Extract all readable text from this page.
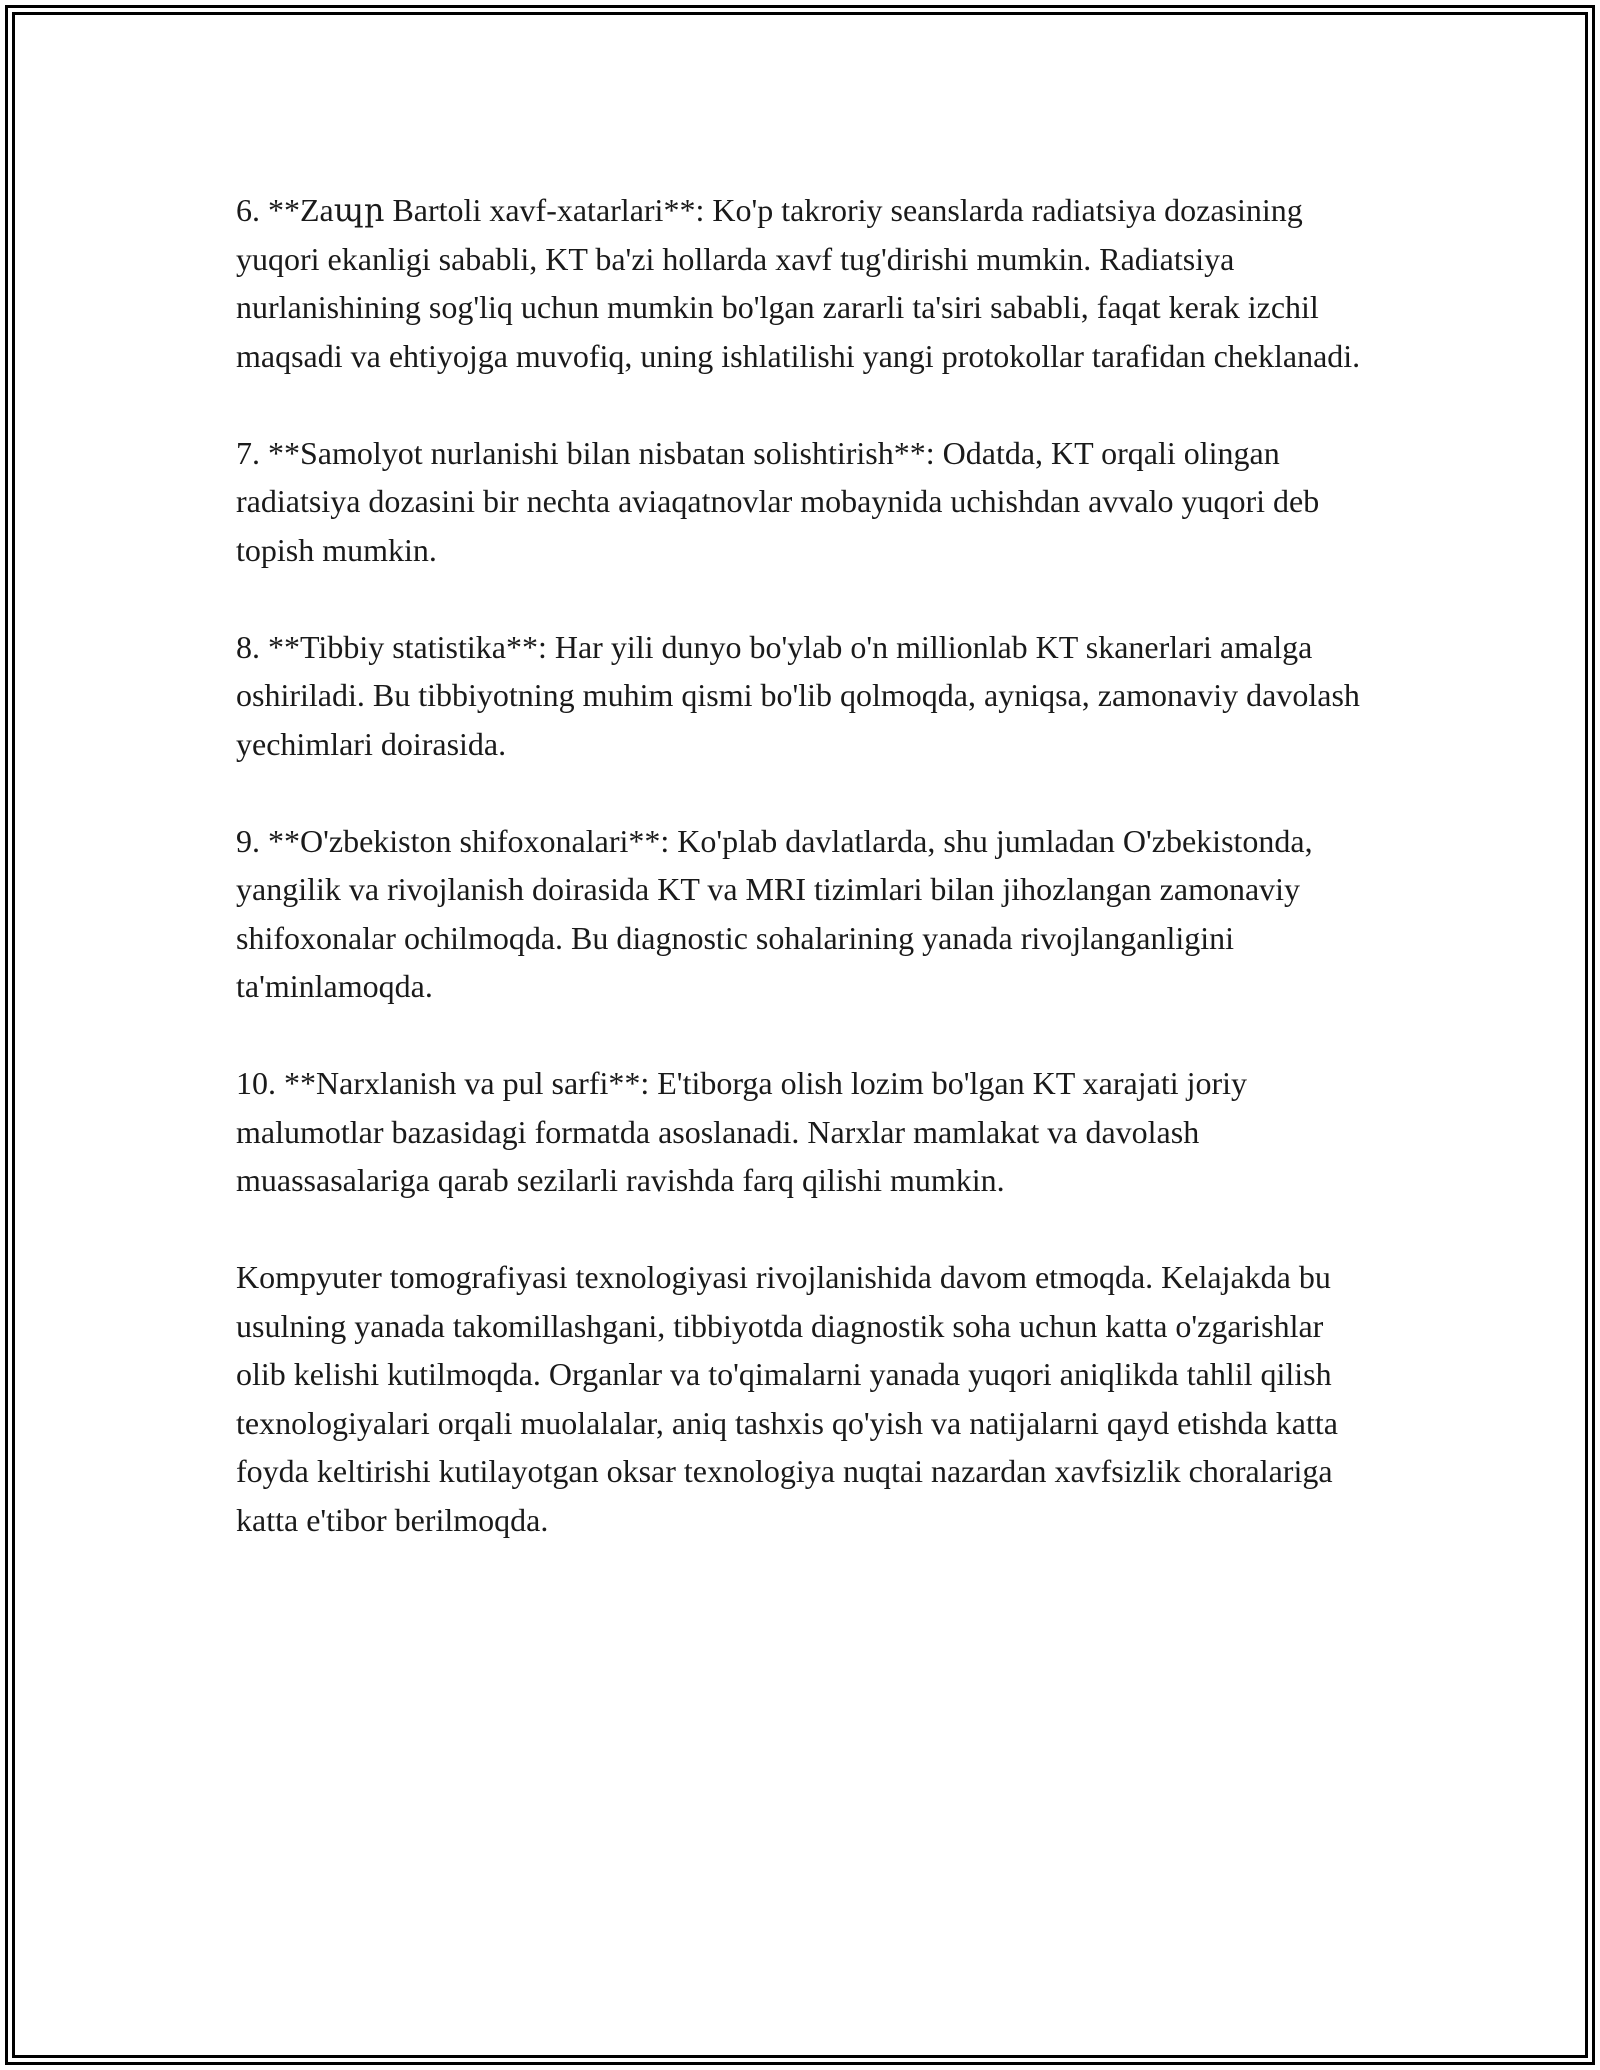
6. **Zaպր Bartoli xavf-xatarlari**: Ko'p takroriy seanslarda radiatsiya dozasining yuqori ekanligi sababli, KT ba'zi hollarda xavf tug'dirishi mumkin. Radiatsiya nurlanishining sog'liq uchun mumkin bo'lgan zararli ta'siri sababli, faqat kerak izchil maqsadi va ehtiyojga muvofiq, uning ishlatilishi yangi protokollar tarafidan cheklanadi.

7. **Samolyot nurlanishi bilan nisbatan solishtirish**: Odatda, KT orqali olingan radiatsiya dozasini bir nechta aviaqatnovlar mobaynida uchishdan avvalo yuqori deb topish mumkin.

8. **Tibbiy statistika**: Har yili dunyo bo'ylab o'n millionlab KT skanerlari amalga oshiriladi. Bu tibbiyotning muhim qismi bo'lib qolmoqda, ayniqsa, zamonaviy davolash yechimlari doirasida.

9. **O'zbekiston shifoxonalari**: Ko'plab davlatlarda, shu jumladan O'zbekistonda, yangilik va rivojlanish doirasida KT va MRI tizimlari bilan jihozlangan zamonaviy shifoxonalar ochilmoqda. Bu diagnostic sohalarining yanada rivojlanganligini ta'minlamoqda.

10. **Narxlanish va pul sarfi**: E'tiborga olish lozim bo'lgan KT xarajati joriy malumotlar bazasidagi formatda asoslanadi. Narxlar mamlakat va davolash muassasalariga qarab sezilarli ravishda farq qilishi mumkin.

Kompyuter tomografiyasi texnologiyasi rivojlanishida davom etmoqda. Kelajakda bu usulning yanada takomillashgani, tibbiyotda diagnostik soha uchun katta o'zgarishlar olib kelishi kutilmoqda. Organlar va to'qimalarni yanada yuqori aniqlikda tahlil qilish texnologiyalari orqali muolalalar, aniq tashxis qo'yish va natijalarni qayd etishda katta foyda keltirishi kutilayotgan oksar texnologiya nuqtai nazardan xavfsizlik choralariga katta e'tibor berilmoqda.
